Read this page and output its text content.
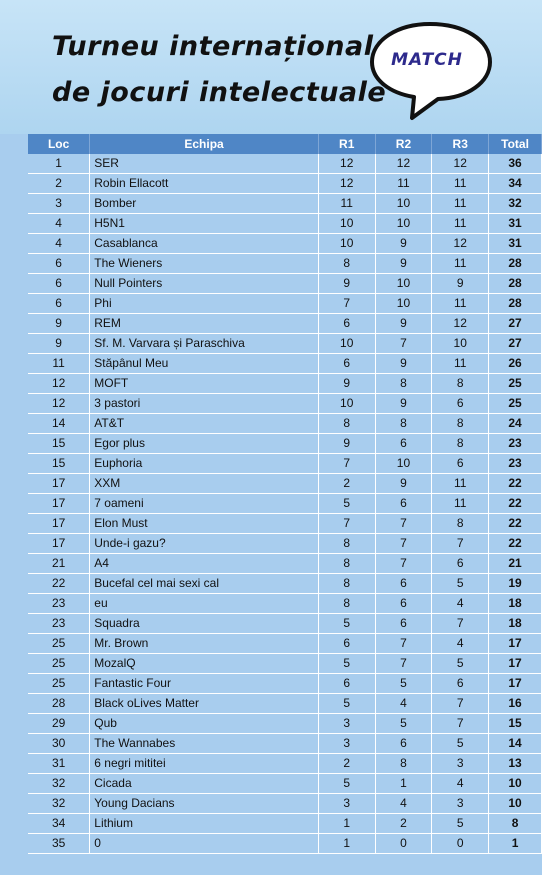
Turneu internațional
de jocuri intelectuale
MATCH
Loc	Echipa	R1	R2	R3	Total
1	SER	12	12	12	36
2	Robin Ellacott	12	11	11	34
3	Bomber	11	10	11	32
4	H5N1	10	10	11	31
4	Casablanca	10	9	12	31
6	The Wieners	8	9	11	28
6	Null Pointers	9	10	9	28
6	Phi	7	10	11	28
9	REM	6	9	12	27
9	Sf. M. Varvara și Paraschiva	10	7	10	27
11	Stăpânul Meu	6	9	11	26
12	MOFT	9	8	8	25
12	3 pastori	10	9	6	25
14	AT&T	8	8	8	24
15	Egor plus	9	6	8	23
15	Euphoria	7	10	6	23
17	XXM	2	9	11	22
17	7 oameni	5	6	11	22
17	Elon Must	7	7	8	22
17	Unde-i gazu?	8	7	7	22
21	A4	8	7	6	21
22	Bucefal cel mai sexi cal	8	6	5	19
23	eu	8	6	4	18
23	Squadra	5	6	7	18
25	Mr. Brown	6	7	4	17
25	MozalQ	5	7	5	17
25	Fantastic Four	6	5	6	17
28	Black oLives Matter	5	4	7	16
29	Qub	3	5	7	15
30	The Wannabes	3	6	5	14
31	6 negri mititei	2	8	3	13
32	Cicada	5	1	4	10
32	Young Dacians	3	4	3	10
34	Lithium	1	2	5	8
35	0	1	0	0	1
